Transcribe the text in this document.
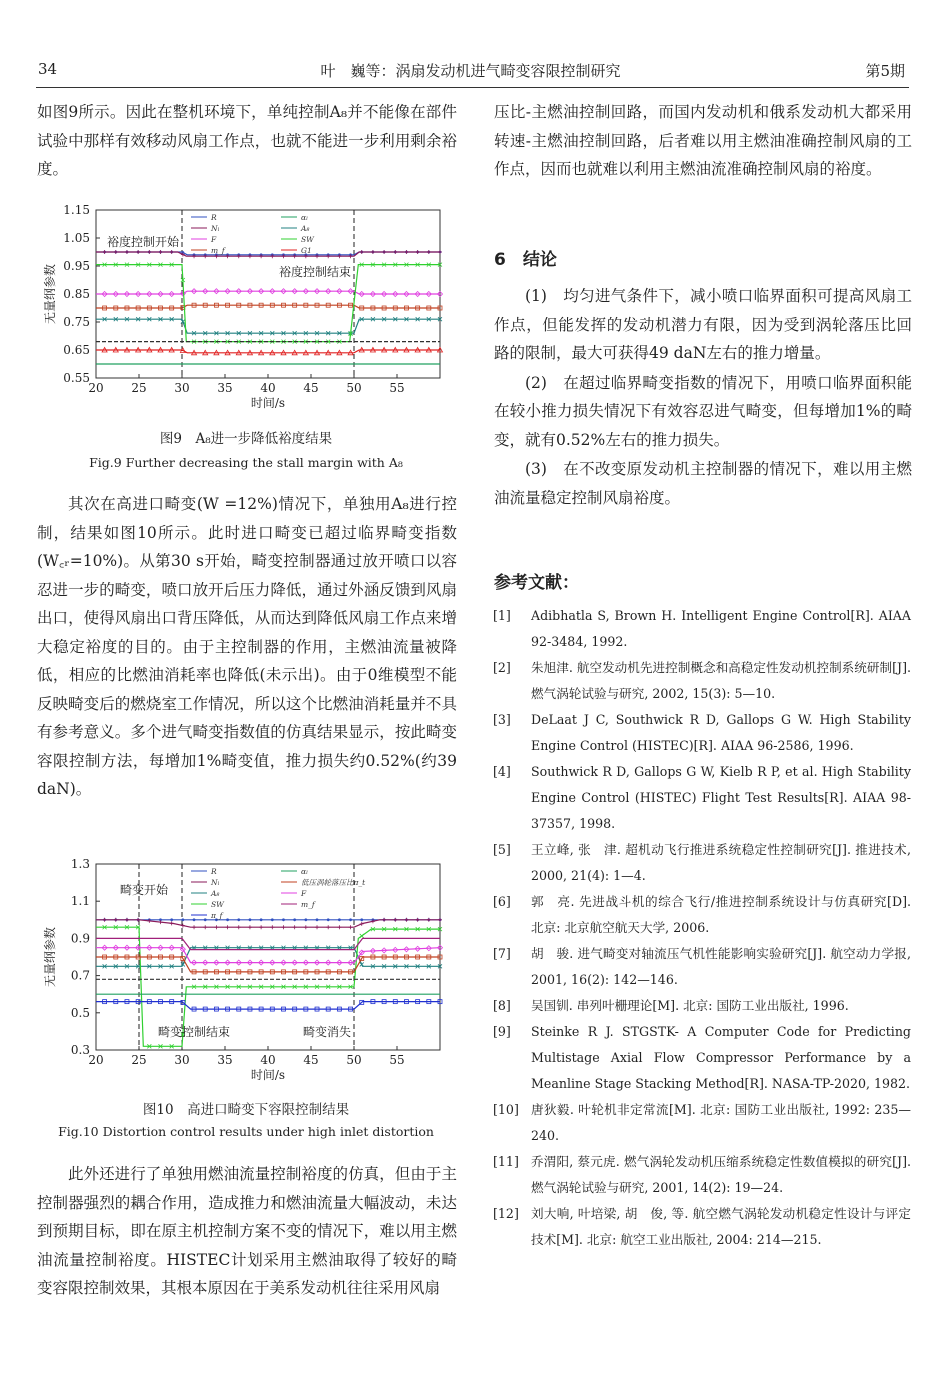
34	叶　巍等：涡扇发动机进气畸变容限控制研究	第5期

如图9所示。因此在整机环境下，单纯控制A₈并不能像在部件试验中那样有效移动风扇工作点，也就不能进一步利用剩余裕度。

20 25 30 35 40 45 50 55
0.55
0.65
0.75
0.85
0.95
1.05
1.15
时间/s
无量纲参数
R
Nₗ
F
m_f
αₗ
A₈
SW
G1
裕度控制开始
裕度控制结束
图9　A₈进一步降低裕度结果
Fig.9 Further decreasing the stall margin with A₈

其次在高进口畸变(W =12%)情况下，单独用A₈进行控制，结果如图10所示。此时进口畸变已超过临界畸变指数(W꜀ᵣ=10%)。从第30 s开始，畸变控制器通过放开喷口以容忍进一步的畸变，喷口放开后压力降低，通过外涵反馈到风扇出口，使得风扇出口背压降低，从而达到降低风扇工作点来增大稳定裕度的目的。由于主控制器的作用，主燃油流量被降低，相应的比燃油消耗率也降低(未示出)。由于0维模型不能反映畸变后的燃烧室工作情况，所以这个比燃油消耗量并不具有参考意义。多个进气畸变指数值的仿真结果显示，按此畸变容限控制方法，每增加1%畸变值，推力损失约0.52%(约39 daN)。

20 25 30 35 40 45 50 55
0.3
0.5
0.7
0.9
1.1
1.3
时间/s
无量纲参数
R
Nₗ
A₈
SW
π_f
αₗ
低压涡轮落压比π_t
F
m_f
畸变开始
畸变控制结束	畸变消失
图10　高进口畸变下容限控制结果
Fig.10 Distortion control results under high inlet distortion

此外还进行了单独用燃油流量控制裕度的仿真，但由于主控制器强烈的耦合作用，造成推力和燃油流量大幅波动，未达到预期目标，即在原主机控制方案不变的情况下，难以用主燃油流量控制裕度。HISTEC计划采用主燃油取得了较好的畸变容限控制效果，其根本原因在于美系发动机往往采用风扇

压比-主燃油控制回路，而国内发动机和俄系发动机大都采用转速-主燃油控制回路，后者难以用主燃油准确控制风扇的工作点，因而也就难以利用主燃油流准确控制风扇的裕度。

6　结论

(1)　均匀进气条件下，减小喷口临界面积可提高风扇工作点，但能发挥的发动机潜力有限，因为受到涡轮落压比回路的限制，最大可获得49 daN左右的推力增量。

(2)　在超过临界畸变指数的情况下，用喷口临界面积能在较小推力损失情况下有效容忍进气畸变，但每增加1%的畸变，就有0.52%左右的推力损失。

(3)　在不改变原发动机主控制器的情况下，难以用主燃油流量稳定控制风扇裕度。

参考文献：
[1] Adibhatla S, Brown H. Intelligent Engine Control[R]. AIAA 92-3484, 1992.
[2] 朱旭津. 航空发动机先进控制概念和高稳定性发动机控制系统研制[J]. 燃气涡轮试验与研究, 2002, 15(3): 5—10.
[3] DeLaat J C, Southwick R D, Gallops G W. High Stability Engine Control (HISTEC)[R]. AIAA 96-2586, 1996.
[4] Southwick R D, Gallops G W, Kielb R P, et al. High Stability Engine Control (HISTEC) Flight Test Results[R]. AIAA 98-37357, 1998.
[5] 王立峰, 张　津. 超机动飞行推进系统稳定性控制研究[J]. 推进技术, 2000, 21(4): 1—4.
[6] 郭　亮. 先进战斗机的综合飞行/推进控制系统设计与仿真研究[D]. 北京: 北京航空航天大学, 2006.
[7] 胡　骏. 进气畸变对轴流压气机性能影响实验研究[J]. 航空动力学报, 2001, 16(2): 142—146.
[8] 吴国钏. 串列叶栅理论[M]. 北京: 国防工业出版社, 1996.
[9] Steinke R J. STGSTK- A Computer Code for Predicting Multistage Axial Flow Compressor Performance by a Meanline Stage Stacking Method[R]. NASA-TP-2020, 1982.
[10] 唐狄毅. 叶轮机非定常流[M]. 北京: 国防工业出版社, 1992: 235—240.
[11] 乔渭阳, 蔡元虎. 燃气涡轮发动机压缩系统稳定性数值模拟的研究[J]. 燃气涡轮试验与研究, 2001, 14(2): 19—24.
[12] 刘大响, 叶培梁, 胡　俊, 等. 航空燃气涡轮发动机稳定性设计与评定技术[M]. 北京: 航空工业出版社, 2004: 214—215.
